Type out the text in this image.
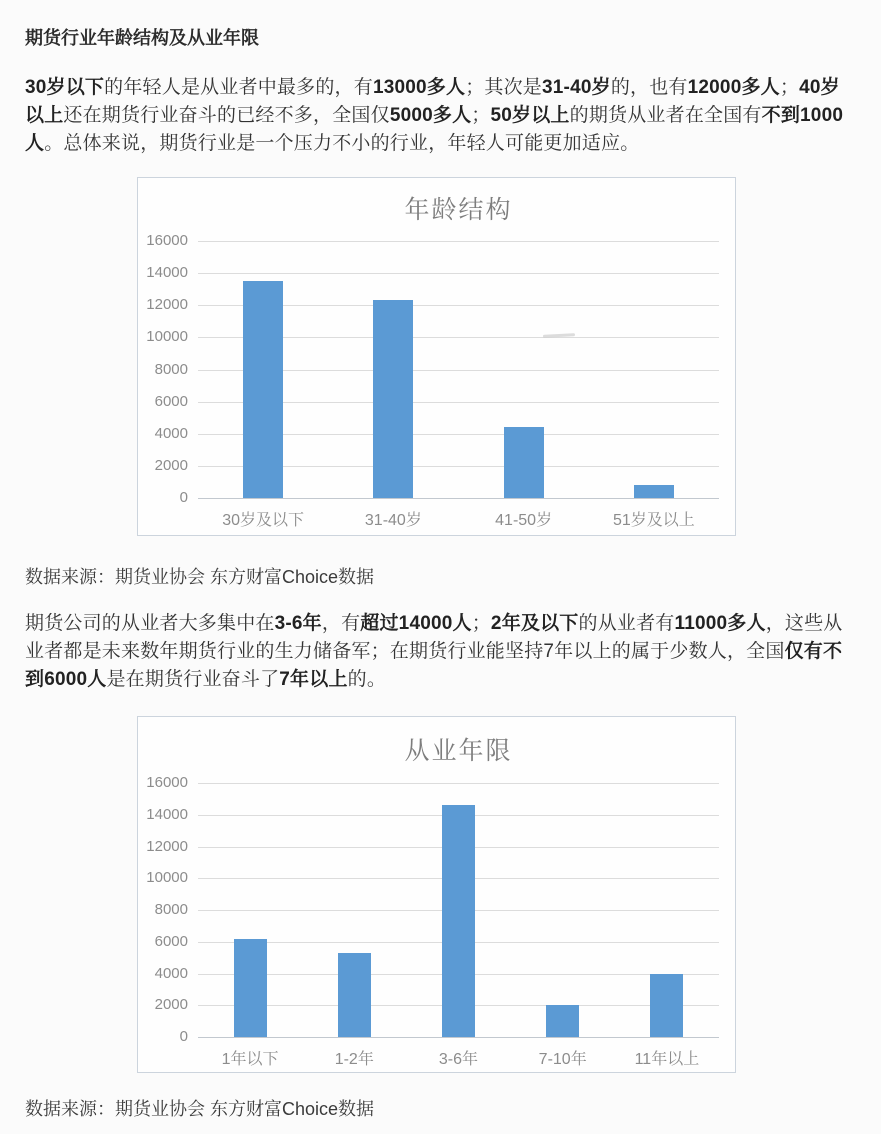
期货行业年龄结构及从业年限

30岁以下的年轻人是从业者中最多的，有13000多人；其次是31-40岁的，也有12000多人；40岁以上还在期货行业奋斗的已经不多，全国仅5000多人；50岁以上的期货从业者在全国有不到1000人。总体来说，期货行业是一个压力不小的行业，年轻人可能更加适应。

年龄结构
0
2000
4000
6000
8000
10000
12000
14000
16000
30岁及以下	31-40岁	41-50岁	51岁及以上

数据来源：期货业协会 东方财富Choice数据

期货公司的从业者大多集中在3-6年，有超过14000人；2年及以下的从业者有11000多人，这些从业者都是未来数年期货行业的生力储备军；在期货行业能坚持7年以上的属于少数人，全国仅有不到6000人是在期货行业奋斗了7年以上的。

从业年限
0
2000
4000
6000
8000
10000
12000
14000
16000
1年以下	1-2年	3-6年	7-10年	11年以上

数据来源：期货业协会 东方财富Choice数据
